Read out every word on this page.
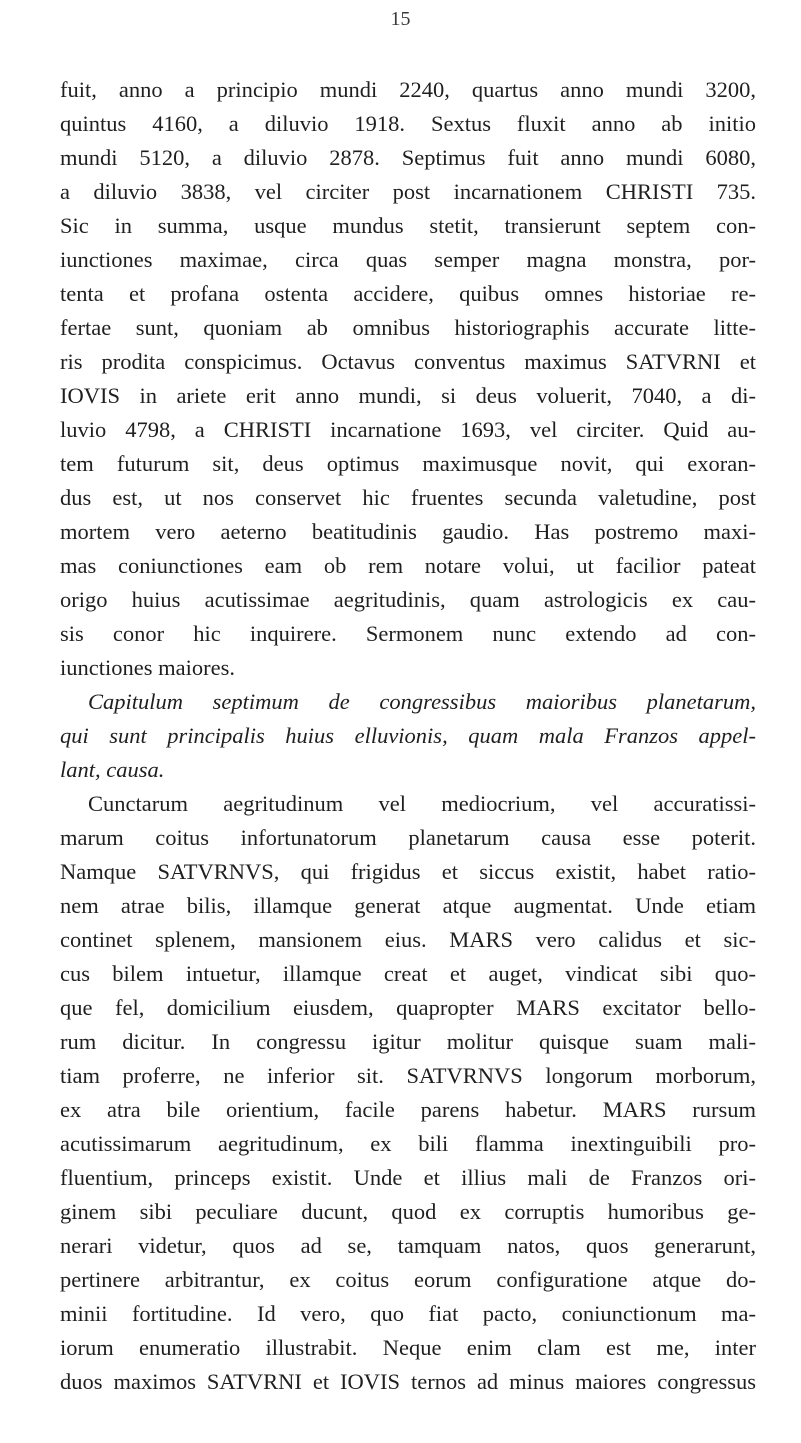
15
fuit, anno a principio mundi 2240, quartus anno mundi 3200,
quintus 4160, a diluvio 1918. Sextus fluxit anno ab initio
mundi 5120, a diluvio 2878. Septimus fuit anno mundi 6080,
a diluvio 3838, vel circiter post incarnationem CHRISTI 735.
Sic in summa, usque mundus stetit, transierunt septem con-
iunctiones maximae, circa quas semper magna monstra, por-
tenta et profana ostenta accidere, quibus omnes historiae re-
fertae sunt, quoniam ab omnibus historiographis accurate litte-
ris prodita conspicimus. Octavus conventus maximus SATVRNI et
IOVIS in ariete erit anno mundi, si deus voluerit, 7040, a di-
luvio 4798, a CHRISTI incarnatione 1693, vel circiter. Quid au-
tem futurum sit, deus optimus maximusque novit, qui exoran-
dus est, ut nos conservet hic fruentes secunda valetudine, post
mortem vero aeterno beatitudinis gaudio. Has postremo maxi-
mas coniunctiones eam ob rem notare volui, ut facilior pateat
origo huius acutissimae aegritudinis, quam astrologicis ex cau-
sis conor hic inquirere. Sermonem nunc extendo ad con-
iunctiones maiores.
Capitulum septimum de congressibus maioribus planetarum,
qui sunt principalis huius elluvionis, quam mala Franzos appel-
lant, causa.
Cunctarum aegritudinum vel mediocrium, vel accuratissi-
marum coitus infortunatorum planetarum causa esse poterit.
Namque SATVRNVS, qui frigidus et siccus existit, habet ratio-
nem atrae bilis, illamque generat atque augmentat. Unde etiam
continet splenem, mansionem eius. MARS vero calidus et sic-
cus bilem intuetur, illamque creat et auget, vindicat sibi quo-
que fel, domicilium eiusdem, quapropter MARS excitator bello-
rum dicitur. In congressu igitur molitur quisque suam mali-
tiam proferre, ne inferior sit. SATVRNVS longorum morborum,
ex atra bile orientium, facile parens habetur. MARS rursum
acutissimarum aegritudinum, ex bili flamma inextinguibili pro-
fluentium, princeps existit. Unde et illius mali de Franzos ori-
ginem sibi peculiare ducunt, quod ex corruptis humoribus ge-
nerari videtur, quos ad se, tamquam natos, quos generarunt,
pertinere arbitrantur, ex coitus eorum configuratione atque do-
minii fortitudine. Id vero, quo fiat pacto, coniunctionum ma-
iorum enumeratio illustrabit. Neque enim clam est me, inter
duos maximos SATVRNI et IOVIS ternos ad minus maiores congressus
